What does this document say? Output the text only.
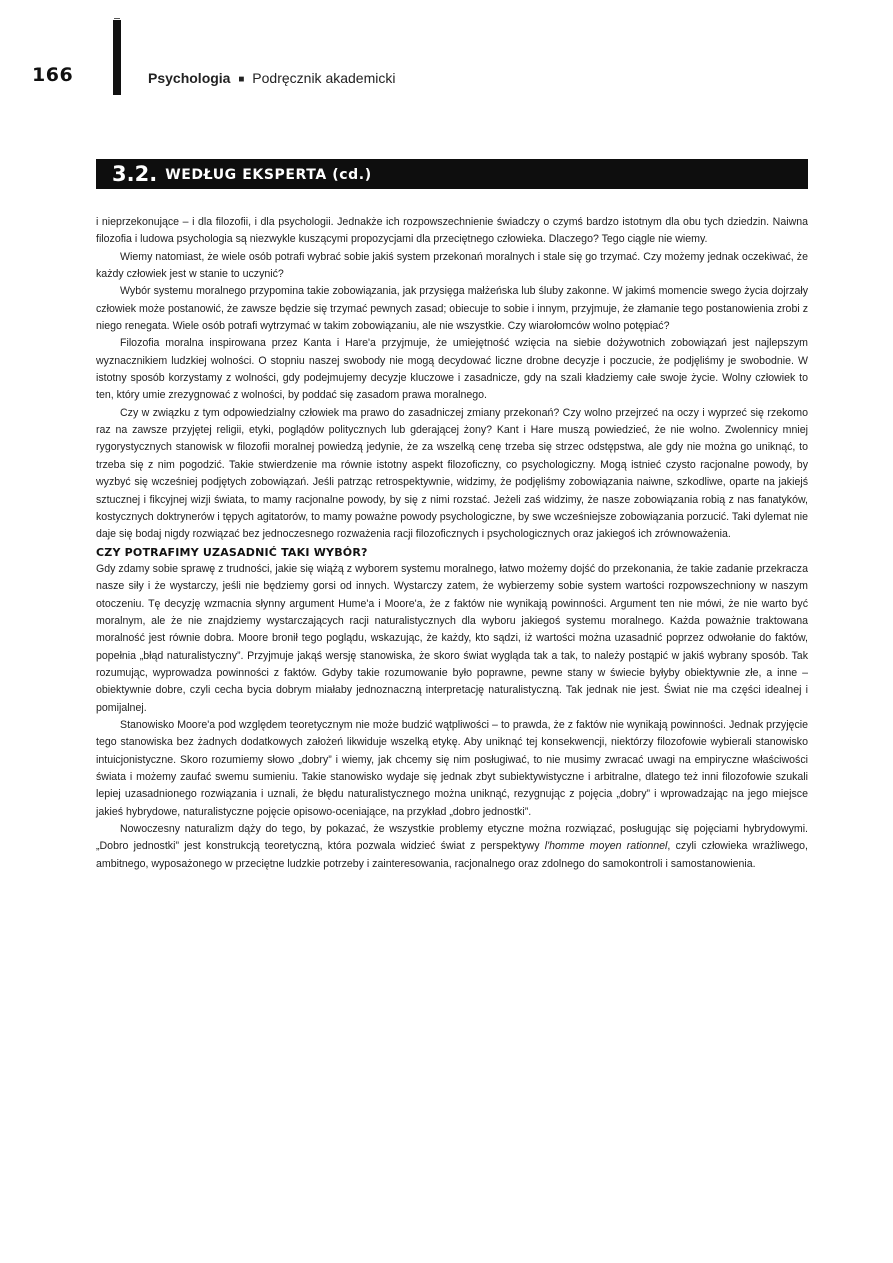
166	Psychologia ■ Podręcznik akademicki
3.2. WEDŁUG EKSPERTA (cd.)

i nieprzekonujące – i dla filozofii, i dla psychologii. Jednakże ich rozpowszechnienie świadczy o czymś bardzo istotnym dla obu tych dziedzin. Naiwna filozofia i ludowa psychologia są niezwykle kuszącymi propozycjami dla przeciętnego człowieka. Dlaczego? Tego ciągle nie wiemy.

Wiemy natomiast, że wiele osób potrafi wybrać sobie jakiś system przekonań moralnych i stale się go trzymać. Czy możemy jednak oczekiwać, że każdy człowiek jest w stanie to uczynić?

Wybór systemu moralnego przypomina takie zobowiązania, jak przysięga małżeńska lub śluby zakonne. W jakimś momencie swego życia dojrzały człowiek może postanowić, że zawsze będzie się trzymać pewnych zasad; obiecuje to sobie i innym, przyjmuje, że złamanie tego postanowienia zrobi z niego renegata. Wiele osób potrafi wytrzymać w takim zobowiązaniu, ale nie wszystkie. Czy wiarołomców wolno potępiać?

Filozofia moralna inspirowana przez Kanta i Hare'a przyjmuje, że umiejętność wzięcia na siebie dożywotnich zobowiązań jest najlepszym wyznacznikiem ludzkiej wolności. O stopniu naszej swobody nie mogą decydować liczne drobne decyzje i poczucie, że podjęliśmy je swobodnie. W istotny sposób korzystamy z wolności, gdy podejmujemy decyzje kluczowe i zasadnicze, gdy na szali kładziemy całe swoje życie. Wolny człowiek to ten, który umie zrezygnować z wolności, by poddać się zasadom prawa moralnego.

Czy w związku z tym odpowiedzialny człowiek ma prawo do zasadniczej zmiany przekonań? Czy wolno przejrzeć na oczy i wyprzeć się rzekomo raz na zawsze przyjętej religii, etyki, poglądów politycznych lub gderającej żony? Kant i Hare muszą powiedzieć, że nie wolno. Zwolennicy mniej rygorystycznych stanowisk w filozofii moralnej powiedzą jedynie, że za wszelką cenę trzeba się strzec odstępstwa, ale gdy nie można go uniknąć, to trzeba się z nim pogodzić. Takie stwierdzenie ma równie istotny aspekt filozoficzny, co psychologiczny. Mogą istnieć czysto racjonalne powody, by wyzbyć się wcześniej podjętych zobowiązań. Jeśli patrząc retrospektywnie, widzimy, że podjęliśmy zobowiązania naiwne, szkodliwe, oparte na jakiejś sztucznej i fikcyjnej wizji świata, to mamy racjonalne powody, by się z nimi rozstać. Jeżeli zaś widzimy, że nasze zobowiązania robią z nas fanatyków, kostycznych doktrynerów i tępych agitatorów, to mamy poważne powody psychologiczne, by swe wcześniejsze zobowiązania porzucić. Taki dylemat nie daje się bodaj nigdy rozwiązać bez jednoczesnego rozważenia racji filozoficznych i psychologicznych oraz jakiegoś ich zrównoważenia.

CZY POTRAFIMY UZASADNIĆ TAKI WYBÓR?

Gdy zdamy sobie sprawę z trudności, jakie się wiążą z wyborem systemu moralnego, łatwo możemy dojść do przekonania, że takie zadanie przekracza nasze siły i że wystarczy, jeśli nie będziemy gorsi od innych. Wystarczy zatem, że wybierzemy sobie system wartości rozpowszechniony w naszym otoczeniu. Tę decyzję wzmacnia słynny argument Hume'a i Moore'a, że z faktów nie wynikają powinności. Argument ten nie mówi, że nie warto być moralnym, ale że nie znajdziemy wystarczających racji naturalistycznych dla wyboru jakiegoś systemu moralnego. Każda poważnie traktowana moralność jest równie dobra. Moore bronił tego poglądu, wskazując, że każdy, kto sądzi, iż wartości można uzasadnić poprzez odwołanie do faktów, popełnia „błąd naturalistyczny”. Przyjmuje jakąś wersję stanowiska, że skoro świat wygląda tak a tak, to należy postąpić w jakiś wybrany sposób. Tak rozumując, wyprowadza powinności z faktów. Gdyby takie rozumowanie było poprawne, pewne stany w świecie byłyby obiektywnie złe, a inne – obiektywnie dobre, czyli cecha bycia dobrym miałaby jednoznaczną interpretację naturalistyczną. Tak jednak nie jest. Świat nie ma części idealnej i pomijalnej.

Stanowisko Moore'a pod względem teoretycznym nie może budzić wątpliwości – to prawda, że z faktów nie wynikają powinności. Jednak przyjęcie tego stanowiska bez żadnych dodatkowych założeń likwiduje wszelką etykę. Aby uniknąć tej konsekwencji, niektórzy filozofowie wybierali stanowisko intuicjonistyczne. Skoro rozumiemy słowo „dobry” i wiemy, jak chcemy się nim posługiwać, to nie musimy zwracać uwagi na empiryczne właściwości świata i możemy zaufać swemu sumieniu. Takie stanowisko wydaje się jednak zbyt subiektywistyczne i arbitralne, dlatego też inni filozofowie szukali lepiej uzasadnionego rozwiązania i uznali, że błędu naturalistycznego można uniknąć, rezygnując z pojęcia „dobry” i wprowadzając na jego miejsce jakieś hybrydowe, naturalistyczne pojęcie opisowo-oceniające, na przykład „dobro jednostki”.

Nowoczesny naturalizm dąży do tego, by pokazać, że wszystkie problemy etyczne można rozwiązać, posługując się pojęciami hybrydowymi. „Dobro jednostki” jest konstrukcją teoretyczną, która pozwala widzieć świat z perspektywy l'homme moyen rationnel, czyli człowieka wrażliwego, ambitnego, wyposażonego w przeciętne ludzkie potrzeby i zainteresowania, racjonalnego oraz zdolnego do samokontroli i samostanowienia.
